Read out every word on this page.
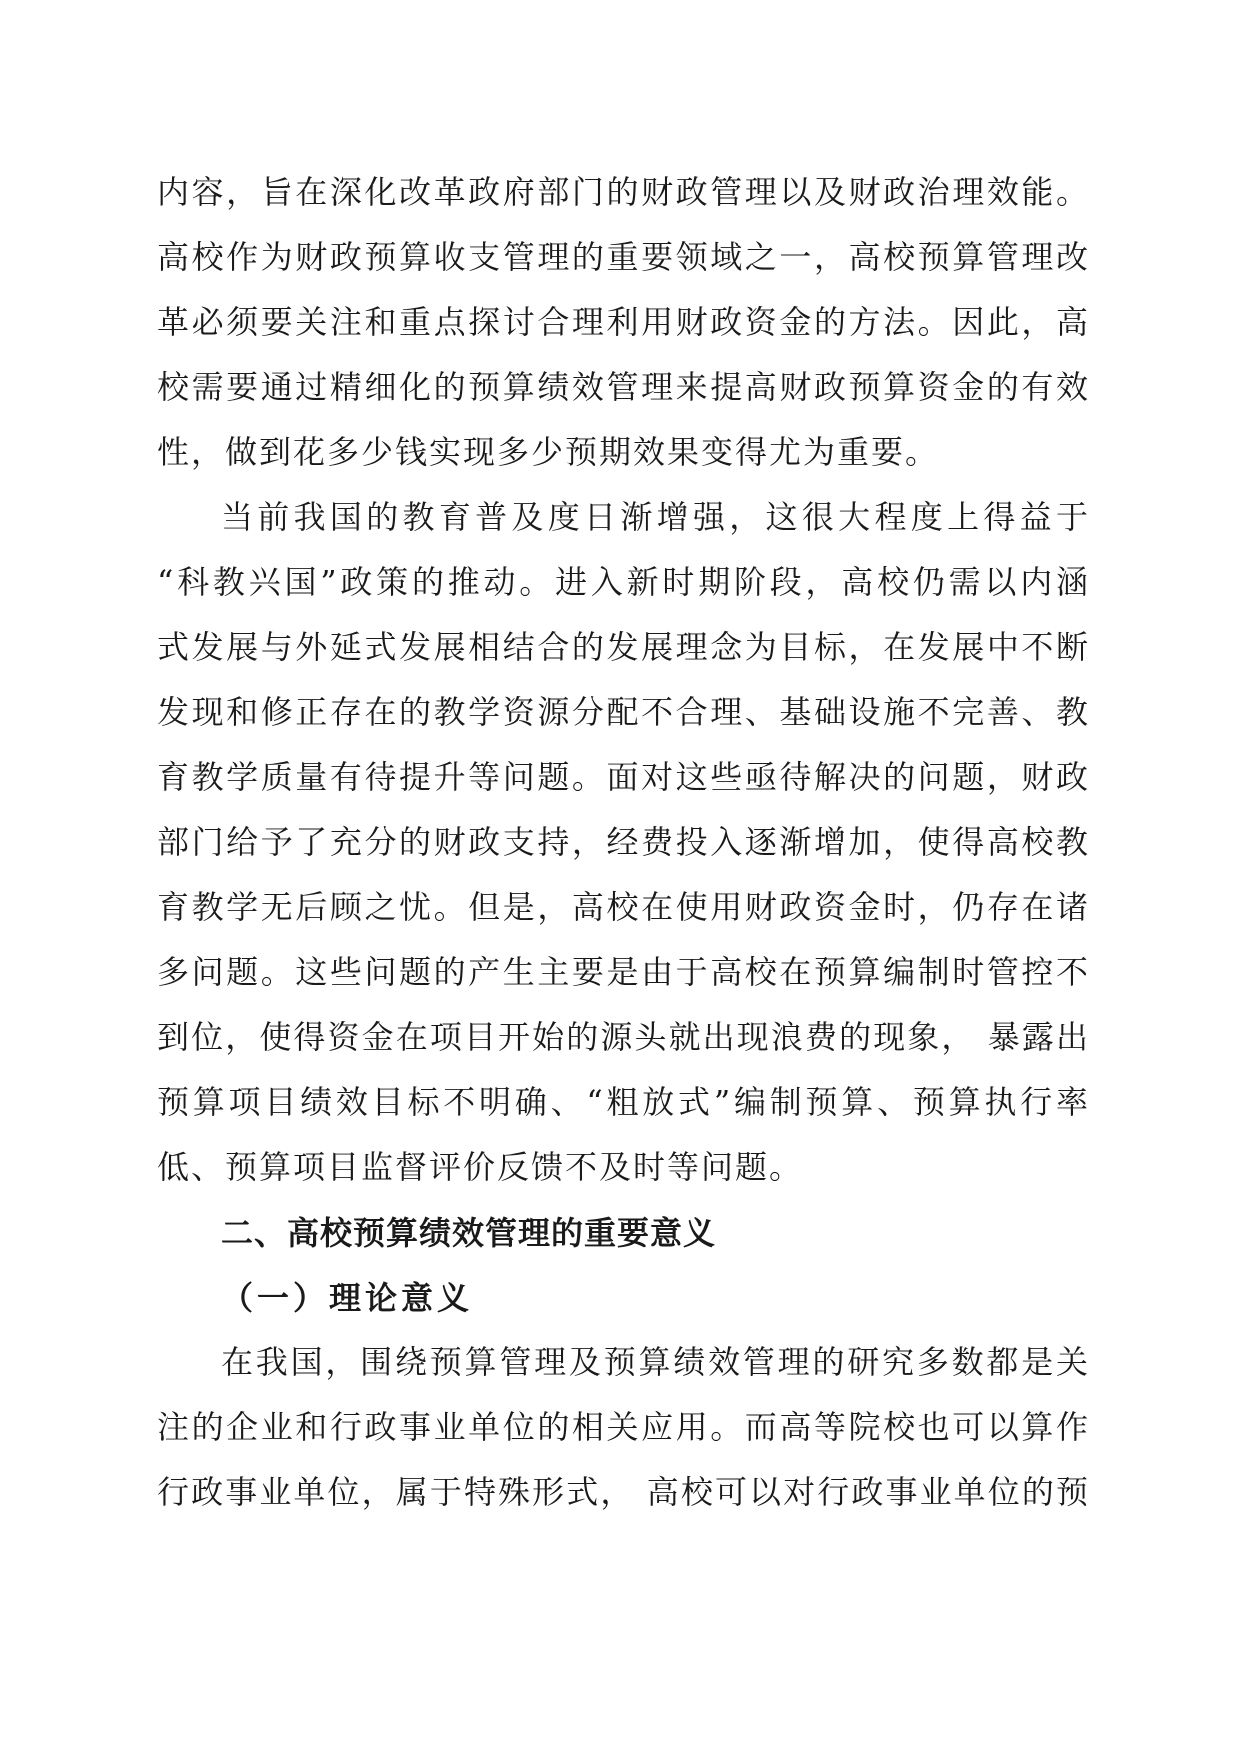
内容，旨在深化改革政府部门的财政管理以及财政治理效能。
高校作为财政预算收支管理的重要领域之一，高校预算管理改
革必须要关注和重点探讨合理利用财政资金的方法。因此，高
校需要通过精细化的预算绩效管理来提高财政预算资金的有效
性，做到花多少钱实现多少预期效果变得尤为重要。
当前我国的教育普及度日渐增强，这很大程度上得益于
“科教兴国”政策的推动。进入新时期阶段，高校仍需以内涵
式发展与外延式发展相结合的发展理念为目标，在发展中不断
发现和修正存在的教学资源分配不合理、基础设施不完善、教
育教学质量有待提升等问题。面对这些亟待解决的问题，财政
部门给予了充分的财政支持，经费投入逐渐增加，使得高校教
育教学无后顾之忧。但是，高校在使用财政资金时，仍存在诸
多问题。这些问题的产生主要是由于高校在预算编制时管控不
到位，使得资金在项目开始的源头就出现浪费的现象， 暴露出
预算项目绩效目标不明确、“粗放式”编制预算、预算执行率
低、预算项目监督评价反馈不及时等问题。
二、高校预算绩效管理的重要意义
（一）理论意义
在我国，围绕预算管理及预算绩效管理的研究多数都是关
注的企业和行政事业单位的相关应用。而高等院校也可以算作
行政事业单位，属于特殊形式， 高校可以对行政事业单位的预
